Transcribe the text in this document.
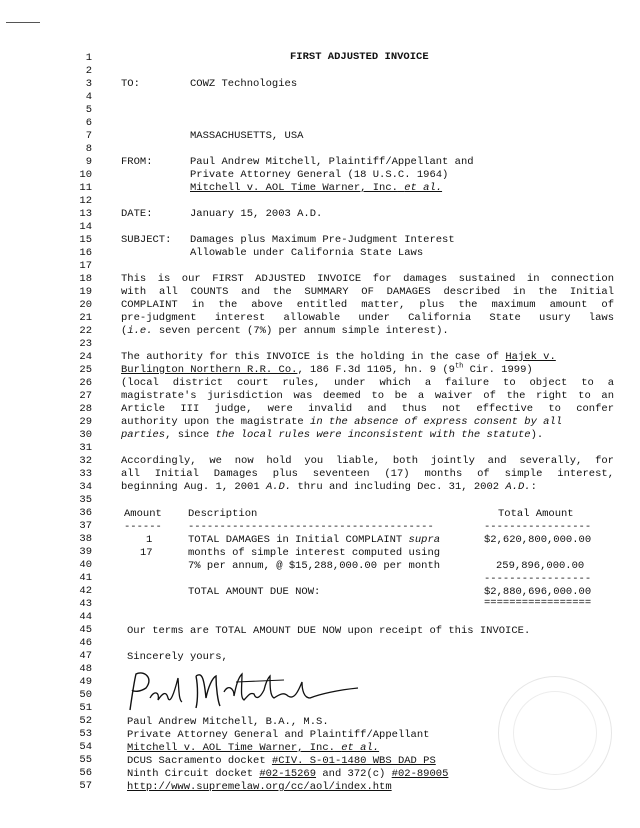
1
2
3
4
5
6
7
8
9
10
11
12
13
14
15
16
17
18
19
20
21
22
23
24
25
26
27
28
29
30
31
32
33
34
35
36
37
38
39
40
41
42
43
44
45
46
47
48
49
50
51
52
53
54
55
56
57
FIRST ADJUSTED INVOICE
TO:	COWZ Technologies
MASSACHUSETTS, USA
FROM:	Paul Andrew Mitchell, Plaintiff/Appellant and
Private Attorney General (18 U.S.C. 1964)
Mitchell v. AOL Time Warner, Inc. et al.
DATE:	January 15, 2003 A.D.
SUBJECT: Damages plus Maximum Pre-Judgment Interest
Allowable under California State Laws
This is our FIRST ADJUSTED INVOICE for damages sustained in connection
with all COUNTS and the SUMMARY OF DAMAGES described in the Initial
COMPLAINT in the above entitled matter, plus the maximum amount of
pre-judgment interest allowable under California State usury laws
(i.e. seven percent (7%) per annum simple interest).
The authority for this INVOICE is the holding in the case of Hajek v.
Burlington Northern R.R. Co., 186 F.3d 1105, hn. 9 (9th Cir. 1999)
(local district court rules, under which a failure to object to a
magistrate's jurisdiction was deemed to be a waiver of the right to an
Article III judge, were invalid and thus not effective to confer
authority upon the magistrate in the absence of express consent by all
parties, since the local rules were inconsistent with the statute).
Accordingly, we now hold you liable, both jointly and severally, for
all Initial Damages plus seventeen (17) months of simple interest,
beginning Aug. 1, 2001 A.D. thru and including Dec. 31, 2002 A.D.:
Amount Description	Total Amount
------ ---------------------------------------	-----------------
1	TOTAL DAMAGES in Initial COMPLAINT supra	$2,620,800,000.00
17	months of simple interest computed using
7% per annum, @ $15,288,000.00 per month	259,896,000.00
-----------------
TOTAL AMOUNT DUE NOW:	$2,880,696,000.00
=================
Our terms are TOTAL AMOUNT DUE NOW upon receipt of this INVOICE.
Sincerely yours,
Paul Andrew Mitchell, B.A., M.S.
Private Attorney General and Plaintiff/Appellant
Mitchell v. AOL Time Warner, Inc. et al.
DCUS Sacramento docket #CIV. S-01-1480 WBS DAD PS
Ninth Circuit docket #02-15269 and 372(c) #02-89005
http://www.supremelaw.org/cc/aol/index.htm
